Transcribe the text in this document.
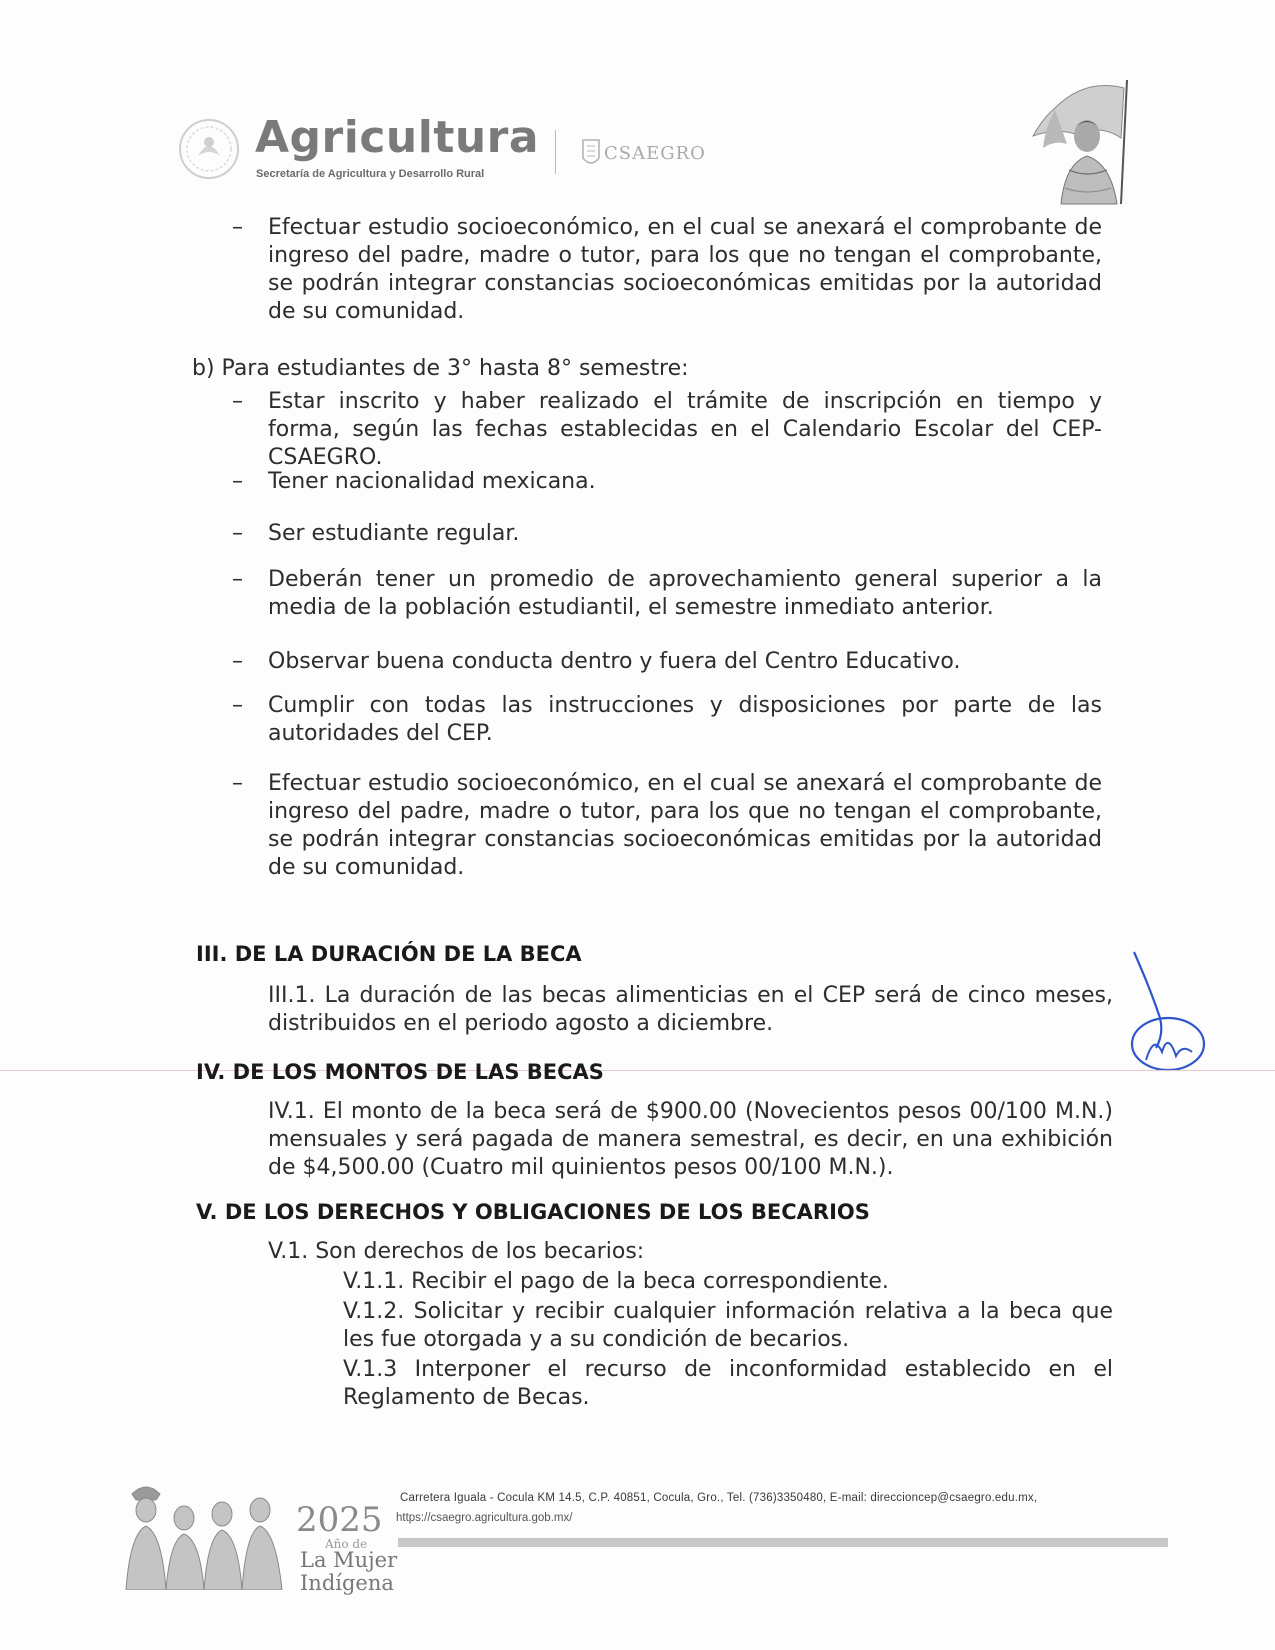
Agricultura
Secretaría de Agricultura y Desarrollo Rural
CSAEGRO
–	Efectuar estudio socioeconómico, en el cual se anexará el comprobante de ingreso del padre, madre o tutor, para los que no tengan el comprobante, se podrán integrar constancias socioeconómicas emitidas por la autoridad de su comunidad.
b) Para estudiantes de 3° hasta 8° semestre:
–	Estar inscrito y haber realizado el trámite de inscripción en tiempo y forma, según las fechas establecidas en el Calendario Escolar del CEP-CSAEGRO.
–	Tener nacionalidad mexicana.
–	Ser estudiante regular.
–	Deberán tener un promedio de aprovechamiento general superior a la media de la población estudiantil, el semestre inmediato anterior.
–	Observar buena conducta dentro y fuera del Centro Educativo.
–	Cumplir con todas las instrucciones y disposiciones por parte de las autoridades del CEP.
–	Efectuar estudio socioeconómico, en el cual se anexará el comprobante de ingreso del padre, madre o tutor, para los que no tengan el comprobante, se podrán integrar constancias socioeconómicas emitidas por la autoridad de su comunidad.
III. DE LA DURACIÓN DE LA BECA
III.1. La duración de las becas alimenticias en el CEP será de cinco meses, distribuidos en el periodo agosto a diciembre.
IV. DE LOS MONTOS DE LAS BECAS
IV.1. El monto de la beca será de $900.00 (Novecientos pesos 00/100 M.N.) mensuales y será pagada de manera semestral, es decir, en una exhibición de $4,500.00 (Cuatro mil quinientos pesos 00/100 M.N.).
V. DE LOS DERECHOS Y OBLIGACIONES DE LOS BECARIOS
V.1. Son derechos de los becarios:
V.1.1. Recibir el pago de la beca correspondiente.
V.1.2. Solicitar y recibir cualquier información relativa a la beca que les fue otorgada y a su condición de becarios.
V.1.3 Interponer el recurso de inconformidad establecido en el Reglamento de Becas.
2025
Año de
La Mujer
Indígena
Carretera Iguala - Cocula KM 14.5, C.P. 40851, Cocula, Gro., Tel. (736)3350480, E-mail: direccioncep@csaegro.edu.mx,
https://csaegro.agricultura.gob.mx/
